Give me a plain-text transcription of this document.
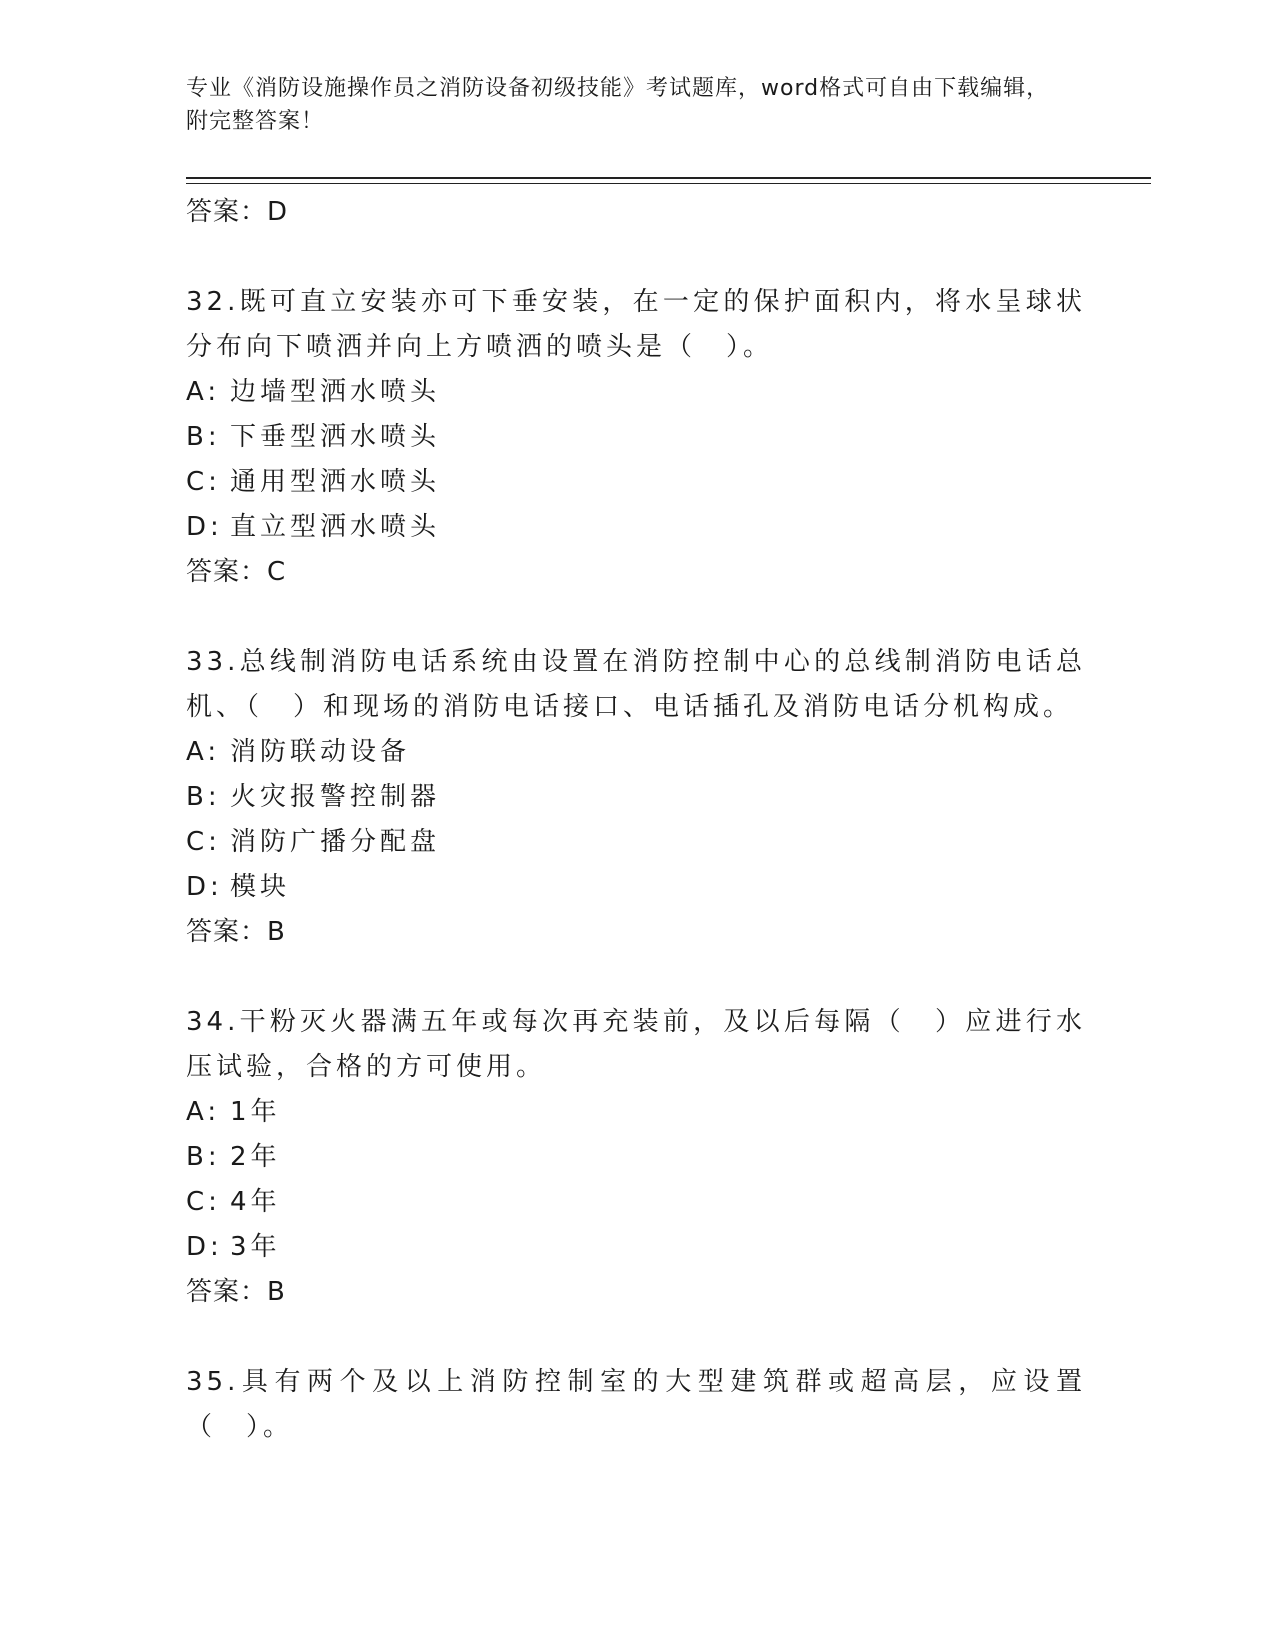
专业《消防设施操作员之消防设备初级技能》考试题库，word格式可自由下载编辑，附完整答案！
答案：D

32.既可直立安装亦可下垂安装，在一定的保护面积内，将水呈球状分布向下喷洒并向上方喷洒的喷头是（　）。

A: 边墙型洒水喷头
B: 下垂型洒水喷头
C: 通用型洒水喷头
D: 直立型洒水喷头
答案：C

33.总线制消防电话系统由设置在消防控制中心的总线制消防电话总机、（　）和现场的消防电话接口、电话插孔及消防电话分机构成。

A: 消防联动设备
B: 火灾报警控制器
C: 消防广播分配盘
D: 模块
答案：B

34.干粉灭火器满五年或每次再充装前，及以后每隔（　）应进行水压试验，合格的方可使用。

A: 1年
B: 2年
C: 4年
D: 3年
答案：B

35.具有两个及以上消防控制室的大型建筑群或超高层，应设置（　）。
